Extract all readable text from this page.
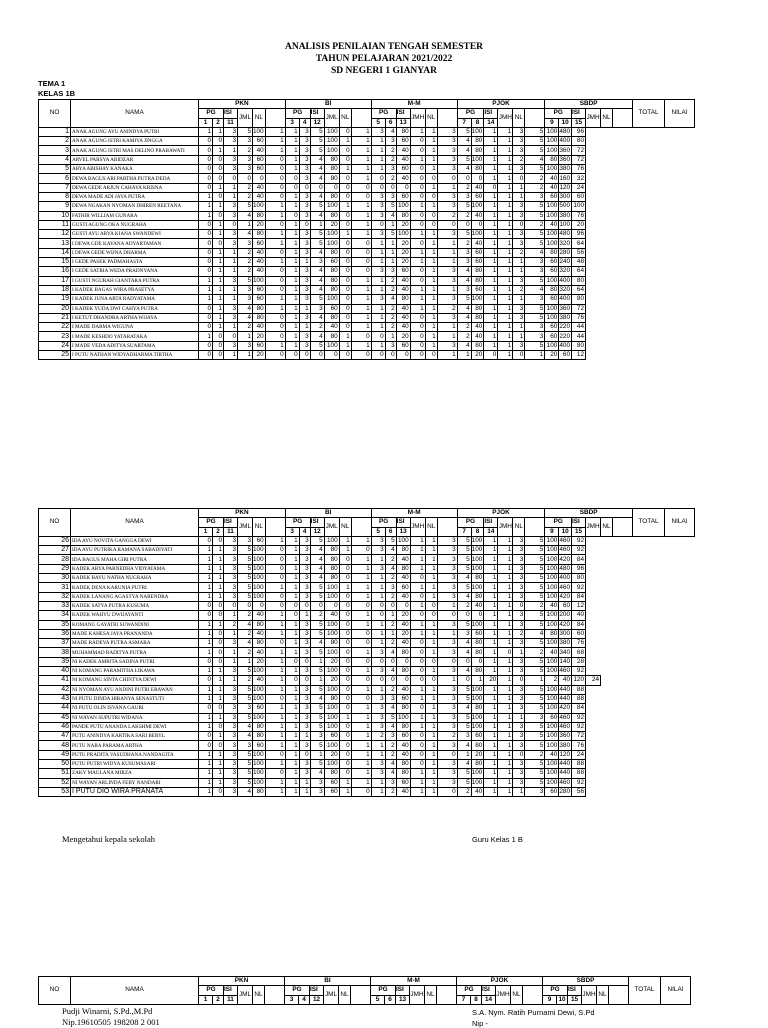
ANALISIS PENILAIAN TENGAH SEMESTER
TAHUN PELAJARAN 2021/2022
SD NEGERI 1 GIANYAR
TEMA 1
KELAS 1B
NO	NAMA	PKN						BI						M-M						PJOK						SBDP						TOTAL	NILAI
		PG		ISI	JML	NL		PG		ISI	JML	NL		PG		ISI	JMH	NL		PG		ISI	JMH	NL		PG		ISI	JMH	NL			
		1	2	11				3	4	12				5	6	13				7	8	14				9	10	15					
1	ANAK AGUNG AYU ANINDYA PUTRI	1	1	3	5	100	1	1	3	5	100	0	1	3	4	80	1	1	3	5	100	1	1	3	5	100	480	96					
2	ANAK AGUNG ISTRI KAMIYA JINGGA	0	0	3	3	60	1	1	3	5	100	1	1	1	3	60	0	1	3	4	80	1	1	3	5	100	400	80					
3	ANAK AGUNG ISTRI MAS DELINO PRABAWATI	0	1	1	2	40	1	1	3	5	100	0	1	1	2	40	0	1	3	4	80	1	1	3	5	100	360	72					
4	ARVEL PARSYA ABIDZAR	0	0	3	3	60	0	1	3	4	80	0	1	1	2	40	1	1	3	5	100	1	1	2	4	80	360	72					
5	ARYA ABISHAY KANAKA	0	0	3	3	60	0	1	3	4	80	1	1	1	3	60	0	1	3	4	80	1	1	3	5	100	380	76					
6	DEWA BAGUS ARI PARTHA PUTRA DEDA	0	0	0	0	0	0	0	3	4	80	0	1	0	2	40	0	0	0	0	0	1	1	0	2	40	160	32					
7	DEWA GEDE ARJUN CAHAYA KRISNA	0	1	1	2	40	0	0	0	0	0	0	0	0	0	0	0	1	1	2	40	0	1	1	2	40	120	24					
8	DEWA MADE ADI JAYA PUTRA	1	0	1	2	40	0	1	3	4	80	0	0	3	3	60	0	0	3	3	60	1	1	1	3	60	300	60					
9	DEWA NGAKAN NYOMAN DHIREN REETANA	1	1	3	5	100	1	1	3	5	100	1	1	3	5	100	1	1	3	5	100	1	1	3	5	100	500	100					
10	FATHIR WILLIAM GUNARA	1	0	3	4	80	1	0	3	4	80	0	1	3	4	80	0	0	2	2	40	1	1	3	5	100	380	76					
11	GUSTI AGUNG OKA NUGRAHA	0	1	0	1	20	0	1	0	1	20	0	1	0	1	20	0	0	0	0	0	1	1	0	2	40	100	20					
12	GUSTI AYU ARYA KIANA SWANDEWI	0	1	3	4	80	1	1	3	5	100	1	1	3	5	100	1	1	3	5	100	1	1	3	5	100	480	96					
13	I DEWA GDE KAYANA ADYARTAMAN	0	0	3	3	60	1	1	3	5	100	0	0	1	1	20	0	1	1	2	40	1	1	3	5	100	320	64					
14	I DEWA GEDE WIJNA DHARMA	0	1	1	2	40	0	1	3	4	80	0	0	1	1	20	1	1	1	3	60	1	1	2	4	80	280	56					
15	I GEDE PASEK PADMAHASTA	0	1	1	2	40	1	1	1	3	60	0	0	1	1	20	1	1	1	3	60	1	1	1	3	60	240	48					
16	I GEDE SATRIA WEDA PRADNYANA	0	1	1	2	40	0	1	3	4	80	0	0	3	3	60	0	1	3	4	80	1	1	1	3	60	320	64					
17	I GUSTI NGURAH GIANTARA PUTRA	1	1	3	5	100	0	1	3	4	80	0	1	1	2	40	0	1	3	4	80	1	1	3	5	100	400	80					
18	I KADEK BAGAS WIRA PRASETYA	1	1	1	3	60	0	1	3	4	80	0	1	1	2	40	1	1	1	3	60	1	1	2	4	80	320	64					
19	I KADEK JUNA ARTA RADYATAMA	1	1	1	3	60	1	1	3	5	100	0	1	3	4	80	1	1	3	5	100	1	1	1	3	60	400	80					
20	I KADEK YUDA DWI CAHYA PUTRA	0	1	3	4	80	1	1	1	3	60	0	1	1	2	40	1	1	2	4	80	1	1	3	5	100	360	72					
21	I KETUT DHANDRA ARTHA WIJAYA	0	1	3	4	80	0	1	3	4	80	0	1	1	2	40	0	1	3	4	80	1	1	3	5	100	380	76					
22	I MADE DARMA WIGUNA	0	1	1	2	40	0	1	1	2	40	0	1	1	2	40	0	1	1	2	40	1	1	1	3	60	220	44					
23	I MADE KESHDO YATARATAKA	1	0	0	1	20	0	1	3	4	80	1	0	0	1	20	0	1	1	2	40	1	1	1	3	60	220	44					
24	I MADE VEDA ADITYA SUARTAMA	0	0	3	3	60	1	1	3	5	100	1	1	1	3	60	0	1	3	4	80	1	1	3	5	100	400	80					
25	I PUTU NATHAN WIDYADHARMA TIRTHA	0	0	1	1	20	0	0	0	0	0	0	0	0	0	0	0	0	1	1	20	0	1	0	1	20	60	12					
NO	NAMA	PKN						BI						M-M						PJOK						SBDP						TOTAL	NILAI
		PG		ISI	JML	NL		PG		ISI	JML	NL		PG		ISI	JMH	NL		PG		ISI	JMH	NL		PG		ISI	JMH	NL			
		1	2	11				3	4	12				5	6	13				7	8	14				9	10	15					
26	IDA AYU NOVITA GANGGA DEWI	0	0	3	3	60	1	1	3	5	100	1	1	3	5	100	1	1	3	5	100	1	1	3	5	100	460	92					
27	IDA AYU PUTRIKA RAMANA SABADIYATI	1	1	3	5	100	0	1	3	4	80	1	0	3	4	80	1	1	3	5	100	1	1	3	5	100	460	92					
28	IDA BAGUS MAHA GIRI PUTRA	1	1	3	5	100	0	1	3	4	80	0	1	1	2	40	1	1	3	5	100	1	1	3	5	100	420	84					
29	KADEK ARYA PARNEDHA VIDYATAMA	1	1	3	5	100	0	1	3	4	80	0	1	3	4	80	1	1	3	5	100	1	1	3	5	100	480	96					
30	KADEK BAYU NATHA NUGRAHA	1	1	3	5	100	0	1	3	4	80	0	1	1	2	40	0	1	3	4	80	1	1	3	5	100	400	80					
31	KADEK DENA KARUNIA PUTRI	1	1	3	5	100	1	1	3	5	100	1	1	1	3	60	1	1	3	5	100	1	1	3	5	100	460	92					
32	KADEK LANANG AGASTYA NARENDRA	1	1	3	5	100	0	1	3	5	100	0	1	1	2	40	0	1	3	4	80	1	1	3	5	100	420	84					
33	KADEK SATYA PUTRA KUSUMA	0	0	0	0	0	0	0	0	0	0	0	0	0	0	0	1	0	1	2	40	1	1	0	2	40	60	12					
34	KADEK WAHYU DWIJAYANTI	0	0	1	2	40	1	0	1	2	40	0	1	0	1	20	0	0	0	0	0	1	1	3	5	100	200	40					
35	KOMANG GAYATRI SUWANDINI	1	1	2	4	80	1	1	3	5	100	0	1	1	2	40	1	1	3	5	100	1	1	3	5	100	420	84					
36	MADE KAHESA JAYA PRANANDA	1	0	1	2	40	1	1	3	5	100	0	0	1	1	20	1	1	1	3	60	1	1	2	4	80	300	60					
37	MADE RADEVA PUTRA ASMARA	1	0	3	4	80	0	1	3	4	80	0	0	1	2	40	0	1	3	4	80	1	1	3	5	100	380	76					
38	MUHAMMAD RADITYA PUTRA	1	0	1	2	40	1	1	3	5	100	0	1	3	4	80	0	1	3	4	80	1	0	1	2	40	340	68					
39	NI KADEK AMRITA SADINA PUTRI	0	0	1	1	20	1	0	0	1	20	0	0	0	0	0	0	0	0	0	0	1	1	3	5	100	140	28					
40	NI KOMANG PARAMITHA LIKAWA	1	1	3	5	100	1	1	3	5	100	0	1	3	4	80	0	1	3	4	80	1	1	3	5	100	460	92					
41	NI KOMANG SINTA CHINTYA DEWI	0	1	1	2	40	1	0	0	1	20	0	0	0	0	0	0	0	1	0	1	20	1	0	1	2	40	120	24				
42	NI NYOMAN AYU ANDINI PUTRI ERAWAN	1	1	3	5	100	1	1	3	5	100	0	1	1	2	40	1	1	3	5	100	1	1	3	5	100	440	88					
43	NI PUTU DINDA HIRANYA SENASTUTI	1	1	3	5	100	0	1	3	4	80	0	0	3	3	60	1	1	3	5	100	1	1	3	5	100	440	88					
44	NI PUTU OLIN ISVANA GAURI	0	0	3	3	60	1	1	3	5	100	0	1	3	4	80	0	1	3	4	80	1	1	3	5	100	420	84					
45	NI WAYAN SUPUTRI WIDANA	1	1	3	5	100	1	1	3	5	100	1	1	3	5	100	1	1	3	5	100	1	1	1	3	60	460	92					
46	PANDE PUTU ANANDA LAKSHMI DEWI	1	0	3	4	80	1	1	3	5	100	0	1	3	4	80	1	1	3	5	100	1	1	3	5	100	460	92					
47	PUTU ANINDYA KARTIKA SARI BERYL	0	1	3	4	80	1	1	1	3	60	0	1	2	3	60	0	1	2	3	60	1	1	3	5	100	360	72					
48	PUTU NARA PARAMA ARTHA	0	0	3	3	60	1	1	3	5	100	0	1	1	2	40	0	1	3	4	80	1	1	3	5	100	380	76					
49	PUTU PRADITA VASUDHANA NANDAGITA	1	1	3	5	100	0	1	0	1	20	0	1	1	2	40	0	1	0	1	20	1	1	0	2	40	120	24					
50	PUTU PUTRI WIDYA KUSUMASARI	1	1	3	5	100	1	1	3	5	100	0	1	3	4	80	0	1	3	4	80	1	1	3	5	100	440	88					
51	ZAKY MAULANA MIRZA	1	1	3	5	100	0	1	3	4	80	0	1	3	4	80	1	1	3	5	100	1	1	3	5	100	440	88					
52	NI WAYAN ARLINDA FEBY NANDARI	1	1	3	5	100	1	1	1	3	60	1	1	1	3	60	1	1	3	5	100	1	1	3	5	100	460	92					
53	I PUTU DIO WIRA PRANATA	1	0	3	4	80	1	1	1	3	60	1	0	1	2	40	1	1	0	2	40	1	1	1	3	60	280	56					
NO	NAMA	PKN						BI						M-M						PJOK						SBDP						TOTAL	NILAI
		PG		ISI	JML	NL		PG		ISI	JML	NL		PG		ISI	JMH	NL		PG		ISI	JMH	NL		PG		ISI	JMH	NL			
		1	2	11				3	4	12				5	6	13				7	8	14				9	10	15					
Mengetahui kepala sekolah	Guru Kelas 1 B
Pudji Winarni, S.Pd.,M.Pd
Nip.19610505 198208 2 001
S.A. Nym. Ratih Purnami Dewi, S.Pd
Nip -
